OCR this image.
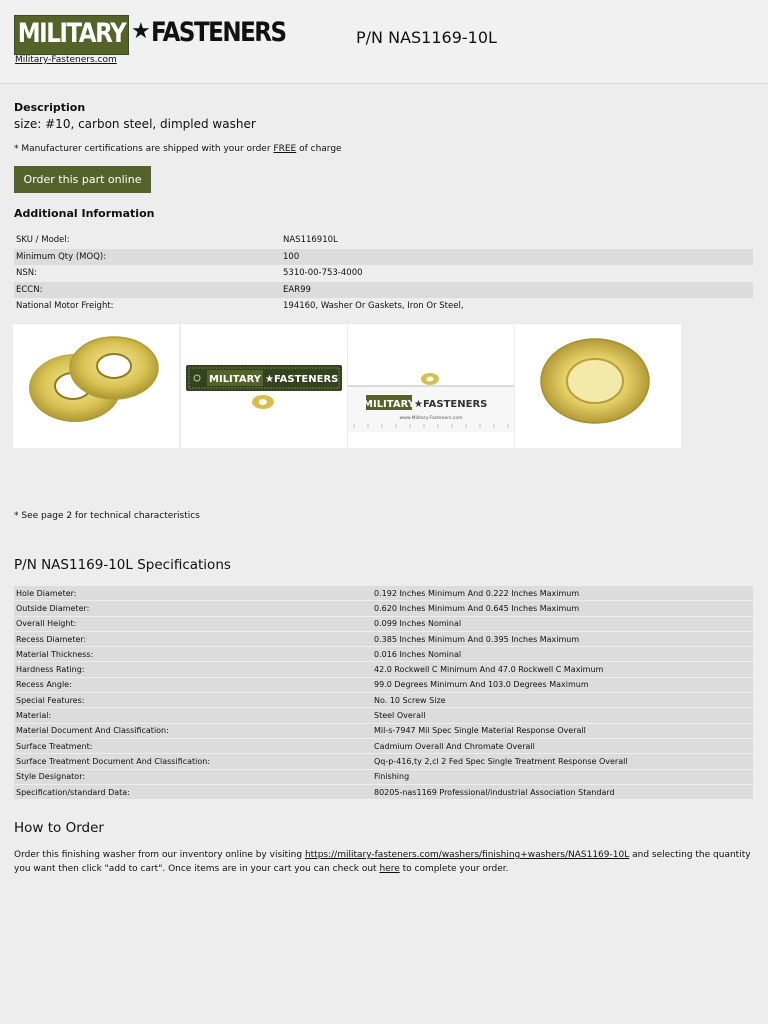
MILITARY ★ FASTENERS
Military-Fasteners.com
P/N NAS1169-10L
Description
size: #10, carbon steel, dimpled washer
* Manufacturer certifications are shipped with your order FREE of charge
Order this part online
Additional Information
SKU / Model:	NAS116910L
Minimum Qty (MOQ):	100
NSN:	5310-00-753-4000
ECCN:	EAR99
National Motor Freight:	194160, Washer Or Gaskets, Iron Or Steel,
MILITARY ★FASTENERS
MILITARY ★FASTENERS
www.Military-Fasteners.com
* See page 2 for technical characteristics
P/N NAS1169-10L Specifications
Hole Diameter:	0.192 Inches Minimum And 0.222 Inches Maximum
Outside Diameter:	0.620 Inches Minimum And 0.645 Inches Maximum
Overall Height:	0.099 Inches Nominal
Recess Diameter:	0.385 Inches Minimum And 0.395 Inches Maximum
Material Thickness:	0.016 Inches Nominal
Hardness Rating:	42.0 Rockwell C Minimum And 47.0 Rockwell C Maximum
Recess Angle:	99.0 Degrees Minimum And 103.0 Degrees Maximum
Special Features:	No. 10 Screw Size
Material:	Steel Overall
Material Document And Classification:	Mil-s-7947 Mil Spec Single Material Response Overall
Surface Treatment:	Cadmium Overall And Chromate Overall
Surface Treatment Document And Classification:	Qq-p-416,ty 2,cl 2 Fed Spec Single Treatment Response Overall
Style Designator:	Finishing
Specification/standard Data:	80205-nas1169 Professional/industrial Association Standard
How to Order
Order this finishing washer from our inventory online by visiting https://military-fasteners.com/washers/finishing+washers/NAS1169-10L and selecting the quantity you want then click "add to cart". Once items are in your cart you can check out here to complete your order.
